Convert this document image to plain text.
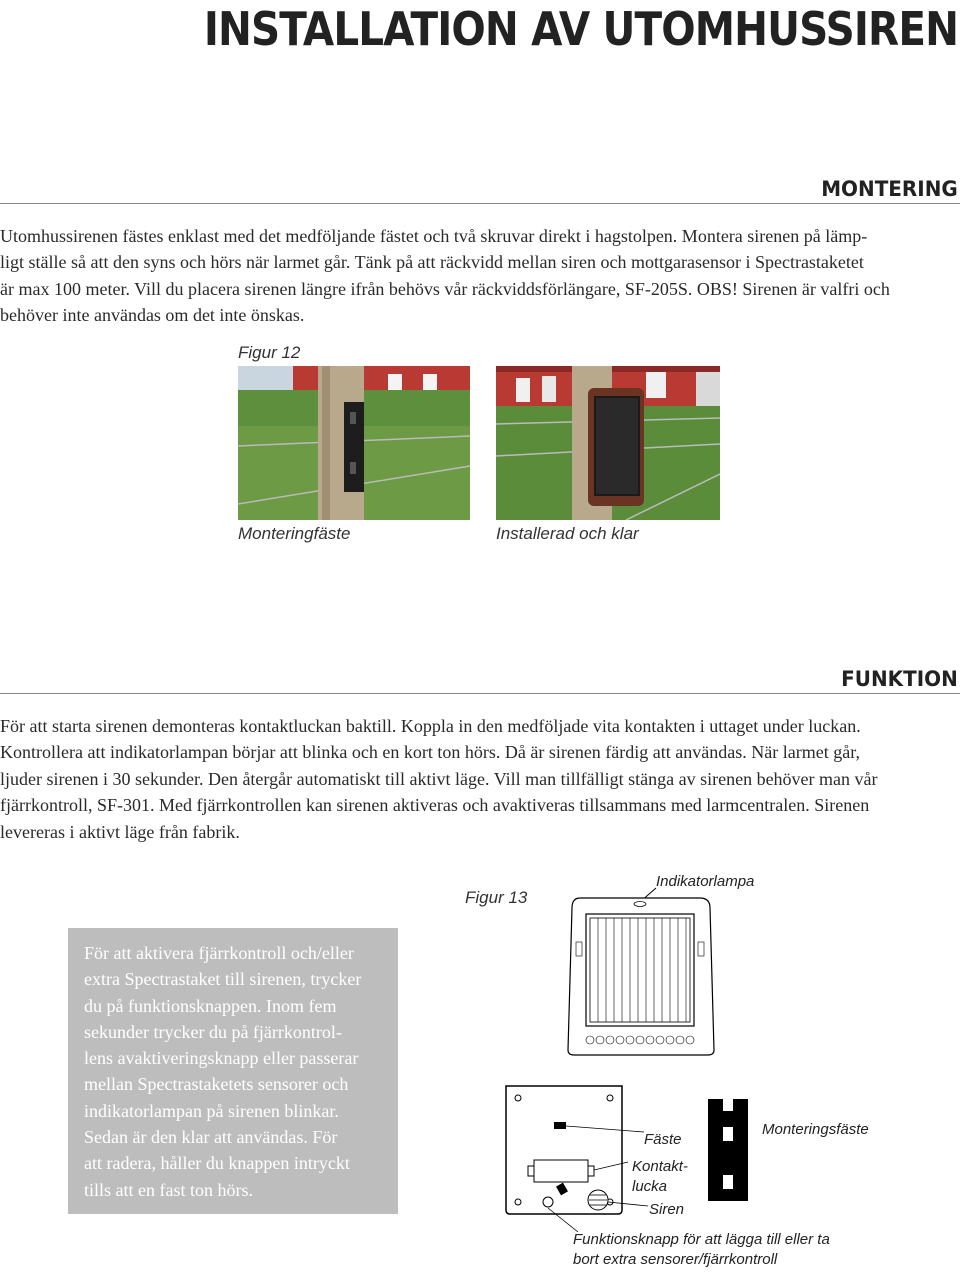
INSTALLATION AV UTOMHUSSIREN
MONTERING
Utomhussirenen fästes enklast med det medföljande fästet och två skruvar direkt i hagstolpen. Montera sirenen på lämp-
ligt ställe så att den syns och hörs när larmet går. Tänk på att räckvidd mellan siren och mottgarasensor i Spectrastaketet
är max 100 meter. Vill du placera sirenen längre ifrån behövs vår räckviddsförlängare, SF-205S. OBS! Sirenen är valfri och
behöver inte användas om det inte önskas.
Figur 12
Monteringfäste	Installerad och klar
FUNKTION
För att starta sirenen demonteras kontaktluckan baktill. Koppla in den medföljade vita kontakten i uttaget under luckan.
Kontrollera att indikatorlampan börjar att blinka och en kort ton hörs. Då är sirenen färdig att användas. När larmet går,
ljuder sirenen i 30 sekunder. Den återgår automatiskt till aktivt läge. Vill man tillfälligt stänga av sirenen behöver man vår
fjärrkontroll, SF-301. Med fjärrkontrollen kan sirenen aktiveras och avaktiveras tillsammans med larmcentralen. Sirenen
levereras i aktivt läge från fabrik.

För att aktivera fjärrkontroll och/eller
extra Spectrastaket till sirenen, trycker
du på funktionsknappen. Inom fem
sekunder trycker du på fjärrkontrol-
lens avaktiveringsknapp eller passerar
mellan Spectrastaketets sensorer och
indikatorlampan på sirenen blinkar.
Sedan är den klar att användas. För
att radera, håller du knappen intryckt
tills att en fast ton hörs.

Figur 13
Indikatorlampa
Fäste
Kontakt-
lucka
Siren
Monteringsfäste
Funktionsknapp för att lägga till eller ta
bort extra sensorer/fjärrkontroll
